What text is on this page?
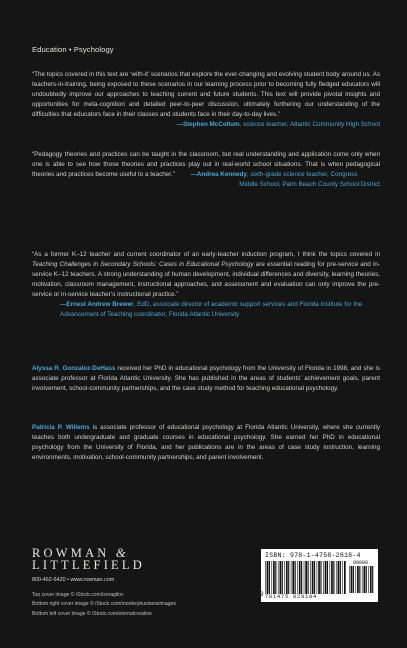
Education • Psychology
“The topics covered in this text are ‘with-it’ scenarios that explore the ever-changing and evolving student body around us. As teachers-in-training, being exposed to these scenarios in our learning process prior to becoming fully fledged educators will undoubtedly improve our approaches to teaching current and future students. This text will provide pivotal insights and opportunities for meta-cognition and detailed peer-to-peer discussion, ultimately furthering our understanding of the difficulties that educators face in their classes and students face in their day-to-day lives.”
—Stephen McCollum, science teacher, Atlantic Community High School
“Pedagogy theories and practices can be taught in the classroom, but real understanding and application come only when one is able to see how those theories and practices play out in real-world school situations. That is when pedagogical theories and practices become useful to a teacher.”	—Andrea Kennedy, sixth-grade science teacher, Congress
Middle School, Palm Beach County School District
“As a former K–12 teacher and current coordinator of an early-teacher induction program, I think the topics covered in Teaching Challenges in Secondary Schools: Cases in Educational Psychology are essential reading for pre-service and in-service K–12 teachers. A strong understanding of human development, individual differences and diversity, learning theories, motivation, classroom management, instructional approaches, and assessment and evaluation can only improve the pre-service or in-service teacher’s instructional practice.”
—Ernest Andrew Brewer, EdD, associate director of academic support services and Florida Institute for the Advancement of Teaching coordinator, Florida Atlantic University
Alyssa R. Gonzalez-DeHass received her PhD in educational psychology from the University of Florida in 1998, and she is associate professor at Florida Atlantic University. She has published in the areas of students’ achievement goals, parent involvement, school-community partnerships, and the case study method for teaching educational psychology.
Patricia P. Willems is associate professor of educational psychology at Florida Atlantic University, where she currently teaches both undergraduate and graduate courses in educational psychology. She earned her PhD in educational psychology from the University of Florida, and her publications are in the areas of case study instruction, learning environments, motivation, school-community partnerships, and parent involvement.
ROWMAN &
LITTLEFIELD
800-462-6420 • www.rowman.com
Top cover image © iStock.com/ismagilov
Bottom right cover image © iStock.com/monkeybusinessimages
Bottom left cover image © iStock.com/eternalcreative
ISBN: 978-1-4758-2818-4
90000
9 781475 828184
